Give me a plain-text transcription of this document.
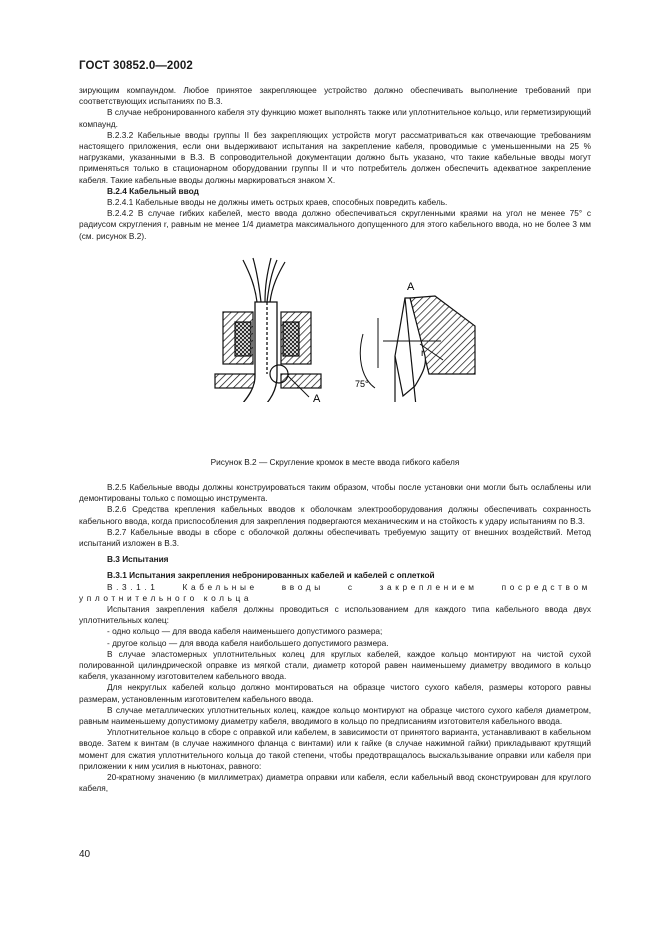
ГОСТ 30852.0—2002

зирующим компаундом. Любое принятое закрепляющее устройство должно обеспечивать выполнение требований при соответствующих испытаниях по В.3.

В случае небронированного кабеля эту функцию может выполнять также или уплотнительное кольцо, или герметизирующий компаунд.

В.2.3.2 Кабельные вводы группы II без закрепляющих устройств могут рассматриваться как отвечающие требованиям настоящего приложения, если они выдерживают испытания на закрепление кабеля, проводимые с уменьшенными на 25 % нагрузками, указанными в В.3. В сопроводительной документации должно быть указано, что такие кабельные вводы могут применяться только в стационарном оборудовании группы II и что потребитель должен обеспечить адекватное закрепление кабеля. Такие кабельные вводы должны маркироваться знаком X.

В.2.4 Кабельный ввод

В.2.4.1 Кабельные вводы не должны иметь острых краев, способных повредить кабель.

В.2.4.2 В случае гибких кабелей, место ввода должно обеспечиваться скругленными краями на угол не менее 75° с радиусом скругления r, равным не менее 1/4 диаметра максимального допущенного для этого кабельного ввода, но не более 3 мм (см. рисунок В.2).

A
A
r
75°
Рисунок В.2 — Скругление кромок в месте ввода гибкого кабеля

В.2.5 Кабельные вводы должны конструироваться таким образом, чтобы после установки они могли быть ослаблены или демонтированы только с помощью инструмента.

В.2.6 Средства крепления кабельных вводов к оболочкам электрооборудования должны обеспечивать сохранность кабельного ввода, когда приспособления для закрепления подвергаются механическим и на стойкость к удару испытаниям по В.3.

В.2.7 Кабельные вводы в сборе с оболочкой должны обеспечивать требуемую защиту от внешних воздействий. Метод испытаний изложен в В.3.

В.3 Испытания

В.3.1 Испытания закрепления небронированных кабелей и кабелей с оплеткой

В.3.1.1 Кабельные вводы с закреплением посредством уплотнительного кольца

Испытания закрепления кабеля должны проводиться с использованием для каждого типа кабельного ввода двух уплотнительных колец:

- одно кольцо — для ввода кабеля наименьшего допустимого размера;

- другое кольцо — для ввода кабеля наибольшего допустимого размера.

В случае эластомерных уплотнительных колец для круглых кабелей, каждое кольцо монтируют на чистой сухой полированной цилиндрической оправке из мягкой стали, диаметр которой равен наименьшему диаметру вводимого в кольцо кабеля, указанному изготовителем кабельного ввода.

Для некруглых кабелей кольцо должно монтироваться на образце чистого сухого кабеля, размеры которого равны размерам, установленным изготовителем кабельного ввода.

В случае металлических уплотнительных колец, каждое кольцо монтируют на образце чистого сухого кабеля диаметром, равным наименьшему допустимому диаметру кабеля, вводимого в кольцо по предписаниям изготовителя кабельного ввода.

Уплотнительное кольцо в сборе с оправкой или кабелем, в зависимости от принятого варианта, устанавливают в кабельном вводе. Затем к винтам (в случае нажимного фланца с винтами) или к гайке (в случае нажимной гайки) прикладывают крутящий момент для сжатия уплотнительного кольца до такой степени, чтобы предотвращалось выскальзывание оправки или кабеля при приложении к ним усилия в ньютонах, равного:

20-кратному значению (в миллиметрах) диаметра оправки или кабеля, если кабельный ввод сконструирован для круглого кабеля,

40
